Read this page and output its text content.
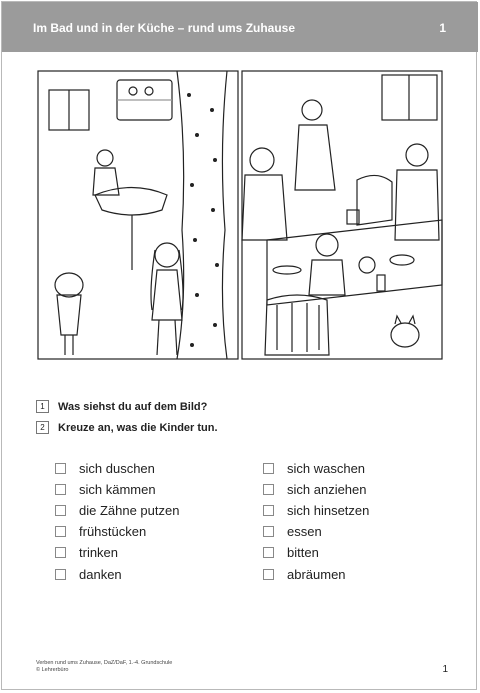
Im Bad und in der Küche – rund ums Zuhause	1
1	Was siehst du auf dem Bild?
2	Kreuze an, was die Kinder tun.
sich duschen
sich kämmen
die Zähne putzen
frühstücken
trinken
danken
sich waschen
sich anziehen
sich hinsetzen
essen
bitten
abräumen
Verben rund ums Zuhause, DaZ/DaF, 1.-4. Grundschule
© Lehrerbüro	1
